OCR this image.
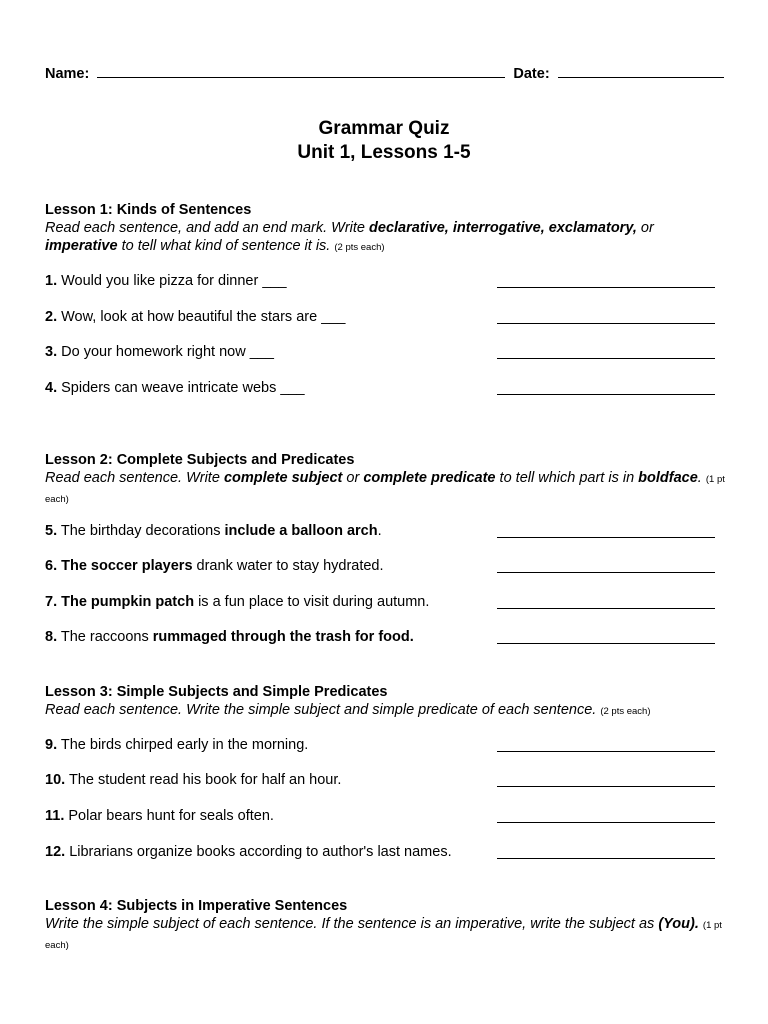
Name:	Date:
Grammar Quiz
Unit 1, Lessons 1-5
Lesson 1: Kinds of Sentences

Read each sentence, and add an end mark. Write declarative, interrogative, exclamatory, or imperative to tell what kind of sentence it is. (2 pts each)

1. Would you like pizza for dinner ___
2. Wow, look at how beautiful the stars are ___
3. Do your homework right now ___
4. Spiders can weave intricate webs ___
Lesson 2: Complete Subjects and Predicates

Read each sentence. Write complete subject or complete predicate to tell which part is in boldface. (1 pt each)

5. The birthday decorations include a balloon arch.
6. The soccer players drank water to stay hydrated.
7. The pumpkin patch is a fun place to visit during autumn.
8. The raccoons rummaged through the trash for food.
Lesson 3: Simple Subjects and Simple Predicates

Read each sentence. Write the simple subject and simple predicate of each sentence. (2 pts each)

9. The birds chirped early in the morning.
10. The student read his book for half an hour.
11. Polar bears hunt for seals often.
12. Librarians organize books according to author's last names.
Lesson 4: Subjects in Imperative Sentences

Write the simple subject of each sentence. If the sentence is an imperative, write the subject as (You). (1 pt each)
